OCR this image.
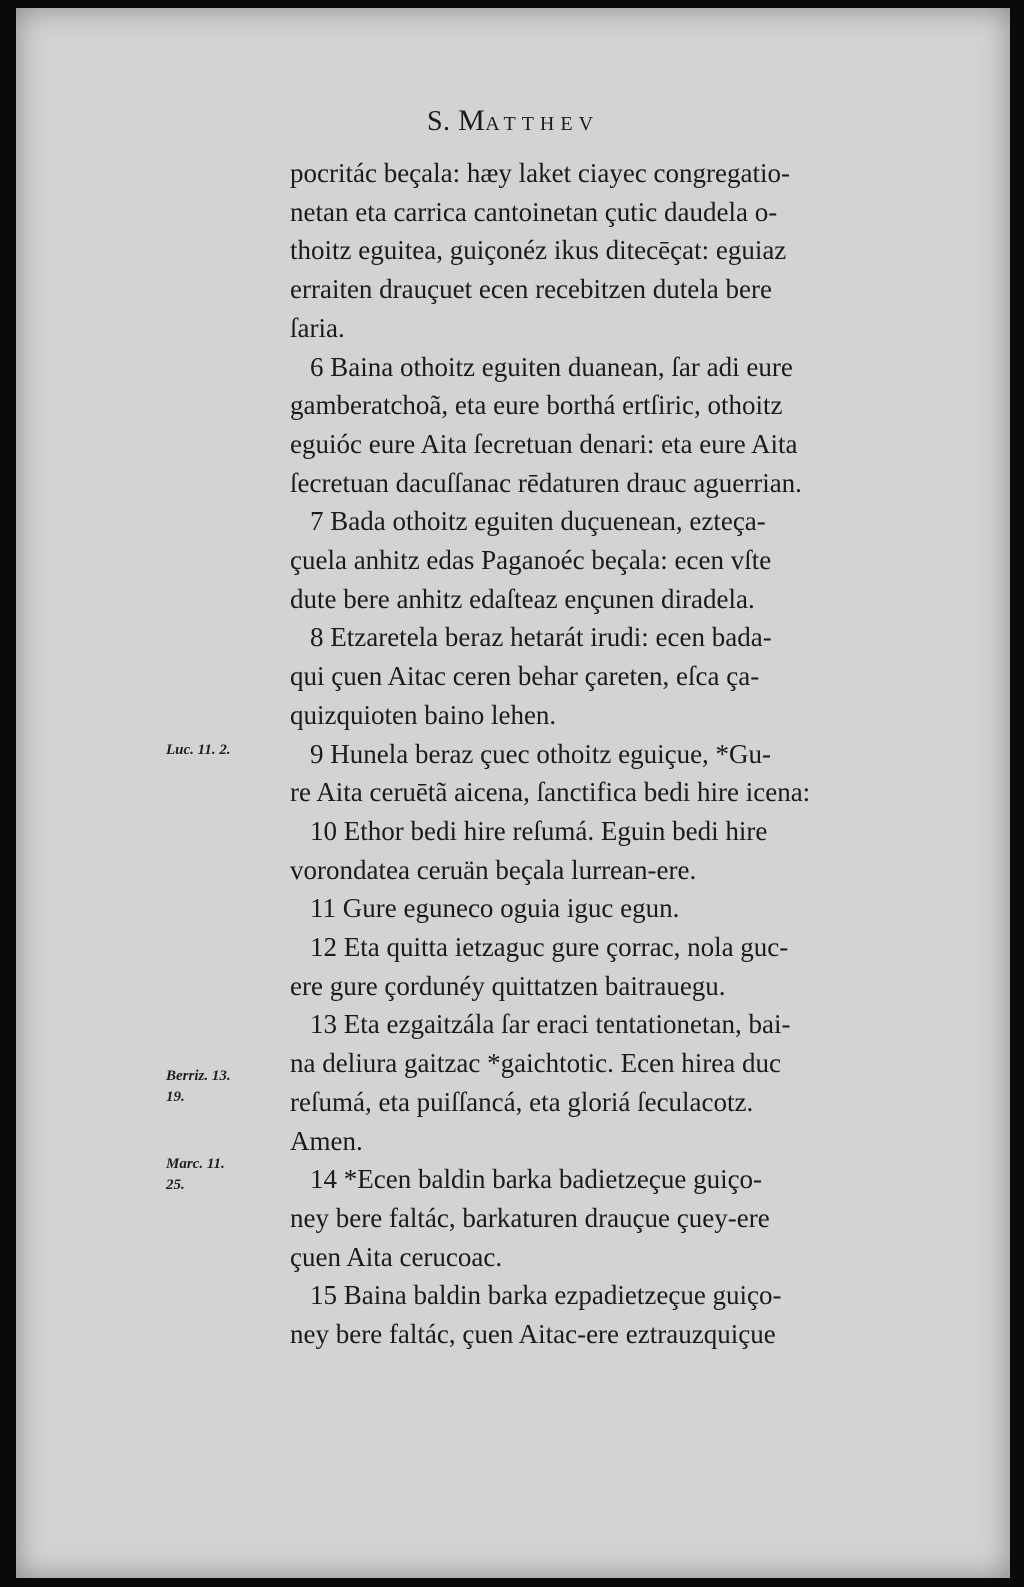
S. MATTHEV
pocritác beçala: hæy laket ciayec congregatio-
netan eta carrica cantoinetan çutic daudela o-
thoitz eguitea, guiçonéz ikus ditecēçat: eguiaz
erraiten drauçuet ecen recebitzen dutela bere
ſaria.
6 Baina othoitz eguiten duanean, ſar adi eure
gamberatchoã, eta eure borthá ertſiric, othoitz
eguióc eure Aita ſecretuan denari: eta eure Aita
ſecretuan dacuſſanac rēdaturen drauc aguerrian.
7 Bada othoitz eguiten duçuenean, ezteça-
çuela anhitz edas Paganoéc beçala: ecen vſte
dute bere anhitz edaſteaz ençunen diradela.
8 Etzaretela beraz hetarát irudi: ecen bada-
qui çuen Aitac ceren behar çareten, eſca ça-
quizquioten baino lehen.
9 Hunela beraz çuec othoitz eguiçue, *Gu-
re Aita ceruētã aicena, ſanctifica bedi hire icena:
10 Ethor bedi hire reſumá. Eguin bedi hire
vorondatea ceruän beçala lurrean-ere.
11 Gure eguneco oguia iguc egun.
12 Eta quitta ietzaguc gure çorrac, nola guc-
ere gure çordunéy quittatzen baitrauegu.
13 Eta ezgaitzála ſar eraci tentationetan, bai-
na deliura gaitzac *gaichtotic. Ecen hirea duc
reſumá, eta puiſſancá, eta gloriá ſeculacotz.
Amen.
14 *Ecen baldin barka badietzeçue guiço-
ney bere faltác, barkaturen drauçue çuey-ere
çuen Aita cerucoac.
15 Baina baldin barka ezpadietzeçue guiço-
ney bere faltác, çuen Aitac-ere eztrauzquiçue
Luc. 11. 2.
Berriz. 13.
19.
Marc. 11.
25.
